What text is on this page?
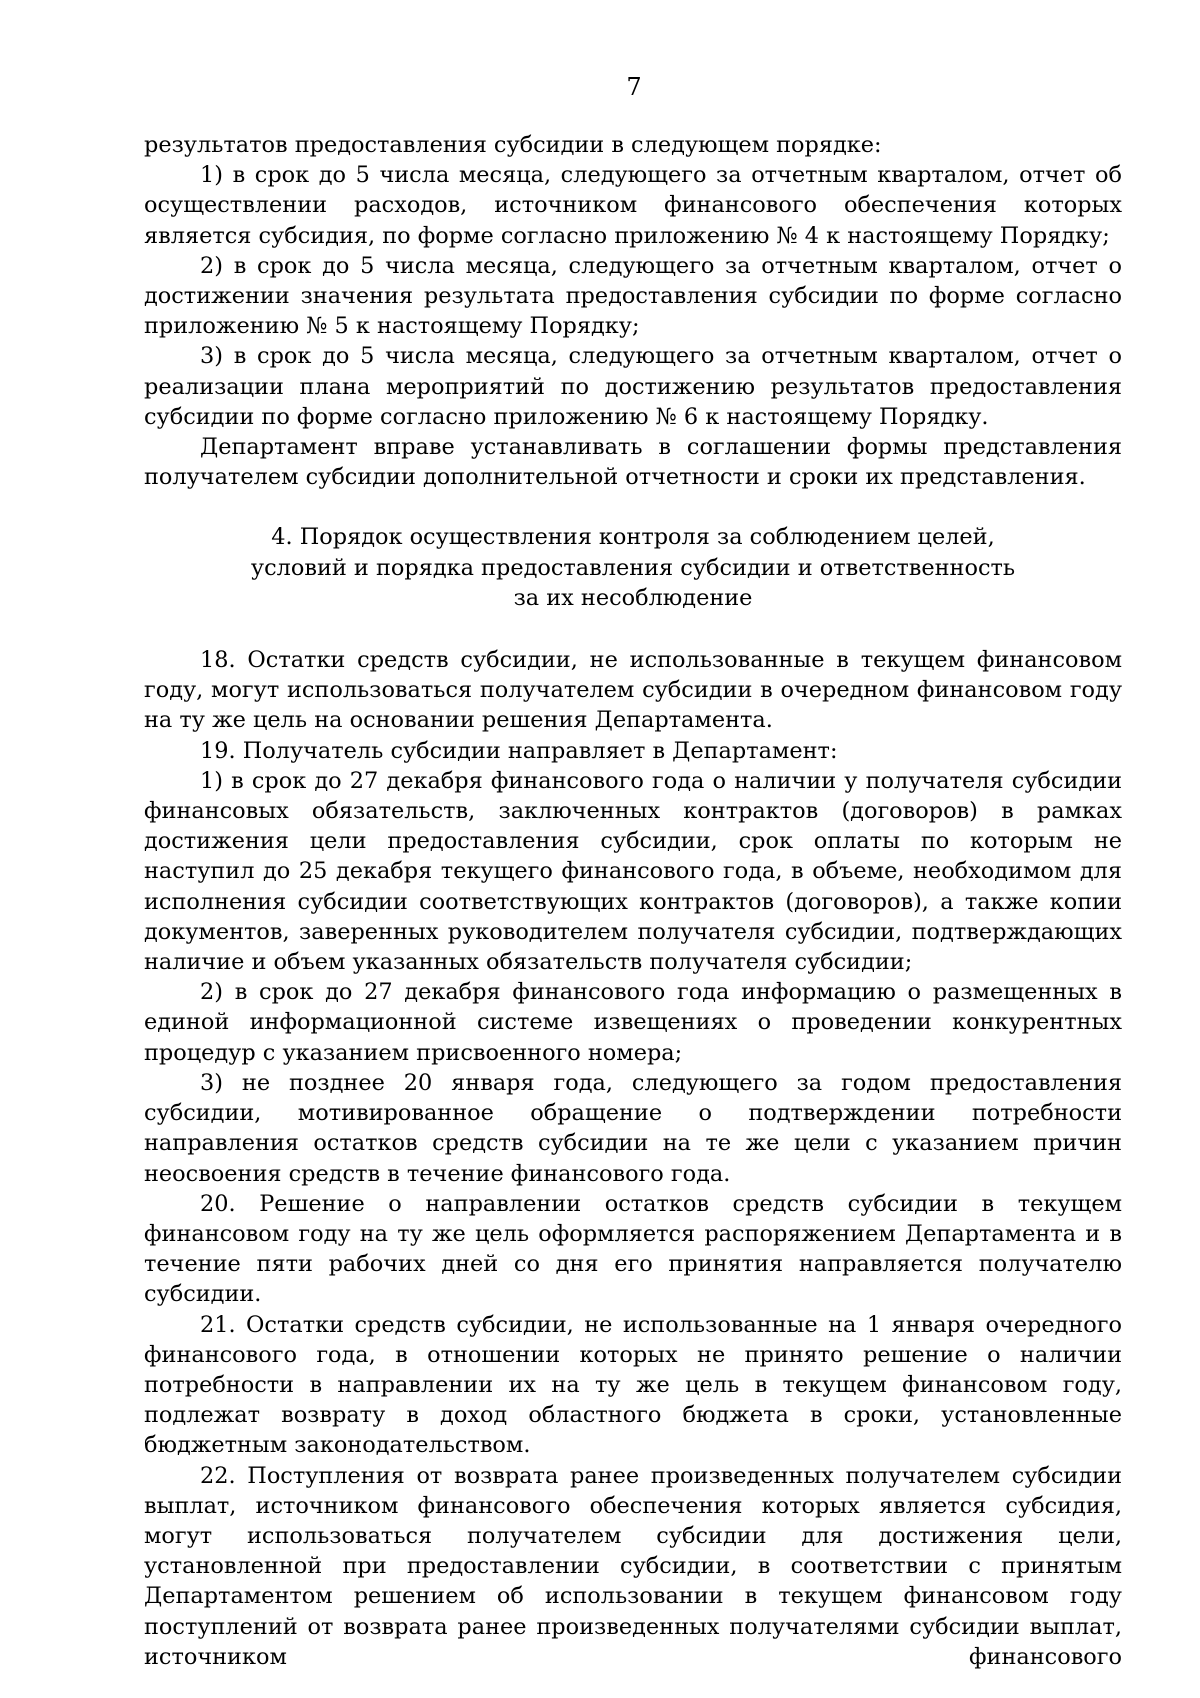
7

результатов предоставления субсидии в следующем порядке:

1) в срок до 5 числа месяца, следующего за отчетным кварталом, отчет об осуществлении расходов, источником финансового обеспечения которых является субсидия, по форме согласно приложению № 4 к настоящему Порядку;

2) в срок до 5 числа месяца, следующего за отчетным кварталом, отчет о достижении значения результата предоставления субсидии по форме согласно приложению № 5 к настоящему Порядку;

3) в срок до 5 числа месяца, следующего за отчетным кварталом, отчет о реализации плана мероприятий по достижению результатов предоставления субсидии по форме согласно приложению № 6 к настоящему Порядку.

Департамент вправе устанавливать в соглашении формы представления получателем субсидии дополнительной отчетности и сроки их представления.

4. Порядок осуществления контроля за соблюдением целей,
условий и порядка предоставления субсидии и ответственность
за их несоблюдение

18. Остатки средств субсидии, не использованные в текущем финансовом году, могут использоваться получателем субсидии в очередном финансовом году на ту же цель на основании решения Департамента.

19. Получатель субсидии направляет в Департамент:

1) в срок до 27 декабря финансового года о наличии у получателя субсидии финансовых обязательств, заключенных контрактов (договоров) в рамках достижения цели предоставления субсидии, срок оплаты по которым не наступил до 25 декабря текущего финансового года, в объеме, необходимом для исполнения субсидии соответствующих контрактов (договоров), а также копии документов, заверенных руководителем получателя субсидии, подтверждающих наличие и объем указанных обязательств получателя субсидии;

2) в срок до 27 декабря финансового года информацию о размещенных в единой информационной системе извещениях о проведении конкурентных процедур с указанием присвоенного номера;

3) не позднее 20 января года, следующего за годом предоставления субсидии, мотивированное обращение о подтверждении потребности направления остатков средств субсидии на те же цели с указанием причин неосвоения средств в течение финансового года.

20. Решение о направлении остатков средств субсидии в текущем финансовом году на ту же цель оформляется распоряжением Департамента и в течение пяти рабочих дней со дня его принятия направляется получателю субсидии.

21. Остатки средств субсидии, не использованные на 1 января очередного финансового года, в отношении которых не принято решение о наличии потребности в направлении их на ту же цель в текущем финансовом году, подлежат возврату в доход областного бюджета в сроки, установленные бюджетным законодательством.

22. Поступления от возврата ранее произведенных получателем субсидии выплат, источником финансового обеспечения которых является субсидия, могут использоваться получателем субсидии для достижения цели, установленной при предоставлении субсидии, в соответствии с принятым Департаментом решением об использовании в текущем финансовом году поступлений от возврата ранее произведенных получателями субсидии выплат, источником финансового
